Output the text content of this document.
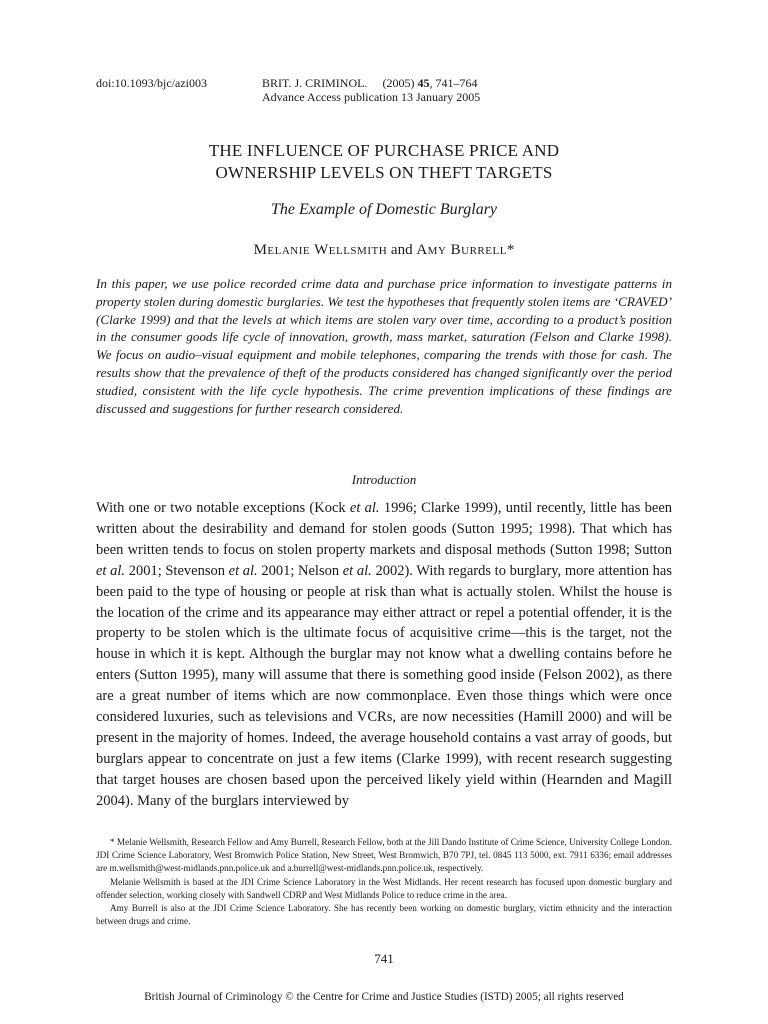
doi:10.1093/bjc/azi003	BRIT. J. CRIMINOL. (2005) 45, 741–764
Advance Access publication 13 January 2005
THE INFLUENCE OF PURCHASE PRICE AND
OWNERSHIP LEVELS ON THEFT TARGETS
The Example of Domestic Burglary
Melanie Wellsmith and Amy Burrell*

In this paper, we use police recorded crime data and purchase price information to investigate patterns in property stolen during domestic burglaries. We test the hypotheses that frequently stolen items are ‘CRAVED’ (Clarke 1999) and that the levels at which items are stolen vary over time, according to a product’s position in the consumer goods life cycle of innovation, growth, mass market, saturation (Felson and Clarke 1998). We focus on audio–visual equipment and mobile telephones, comparing the trends with those for cash. The results show that the prevalence of theft of the products considered has changed significantly over the period studied, consistent with the life cycle hypothesis. The crime prevention implications of these findings are discussed and suggestions for further research considered.

Introduction

With one or two notable exceptions (Kock et al. 1996; Clarke 1999), until recently, little has been written about the desirability and demand for stolen goods (Sutton 1995; 1998). That which has been written tends to focus on stolen property markets and disposal methods (Sutton 1998; Sutton et al. 2001; Stevenson et al. 2001; Nelson et al. 2002). With regards to burglary, more attention has been paid to the type of housing or people at risk than what is actually stolen. Whilst the house is the location of the crime and its appearance may either attract or repel a potential offender, it is the property to be stolen which is the ultimate focus of acquisitive crime—this is the target, not the house in which it is kept. Although the burglar may not know what a dwelling contains before he enters (Sutton 1995), many will assume that there is something good inside (Felson 2002), as there are a great number of items which are now commonplace. Even those things which were once considered luxuries, such as televisions and VCRs, are now necessities (Hamill 2000) and will be present in the majority of homes. Indeed, the average household contains a vast array of goods, but burglars appear to concentrate on just a few items (Clarke 1999), with recent research suggesting that target houses are chosen based upon the perceived likely yield within (Hearnden and Magill 2004). Many of the burglars interviewed by

* Melanie Wellsmith, Research Fellow and Amy Burrell, Research Fellow, both at the Jill Dando Institute of Crime Science, University College London. JDI Crime Science Laboratory, West Bromwich Police Station, New Street, West Bromwich, B70 7PJ, tel. 0845 113 5000, ext. 7911 6336; email addresses are m.wellsmith@west-midlands.pnn.police.uk and a.burrell@west-midlands.pnn.police.uk, respectively.

Melanie Wellsmith is based at the JDI Crime Science Laboratory in the West Midlands. Her recent research has focused upon domestic burglary and offender selection, working closely with Sandwell CDRP and West Midlands Police to reduce crime in the area.

Amy Burrell is also at the JDI Crime Science Laboratory. She has recently been working on domestic burglary, victim ethnicity and the interaction between drugs and crime.

741
British Journal of Criminology © the Centre for Crime and Justice Studies (ISTD) 2005; all rights reserved
